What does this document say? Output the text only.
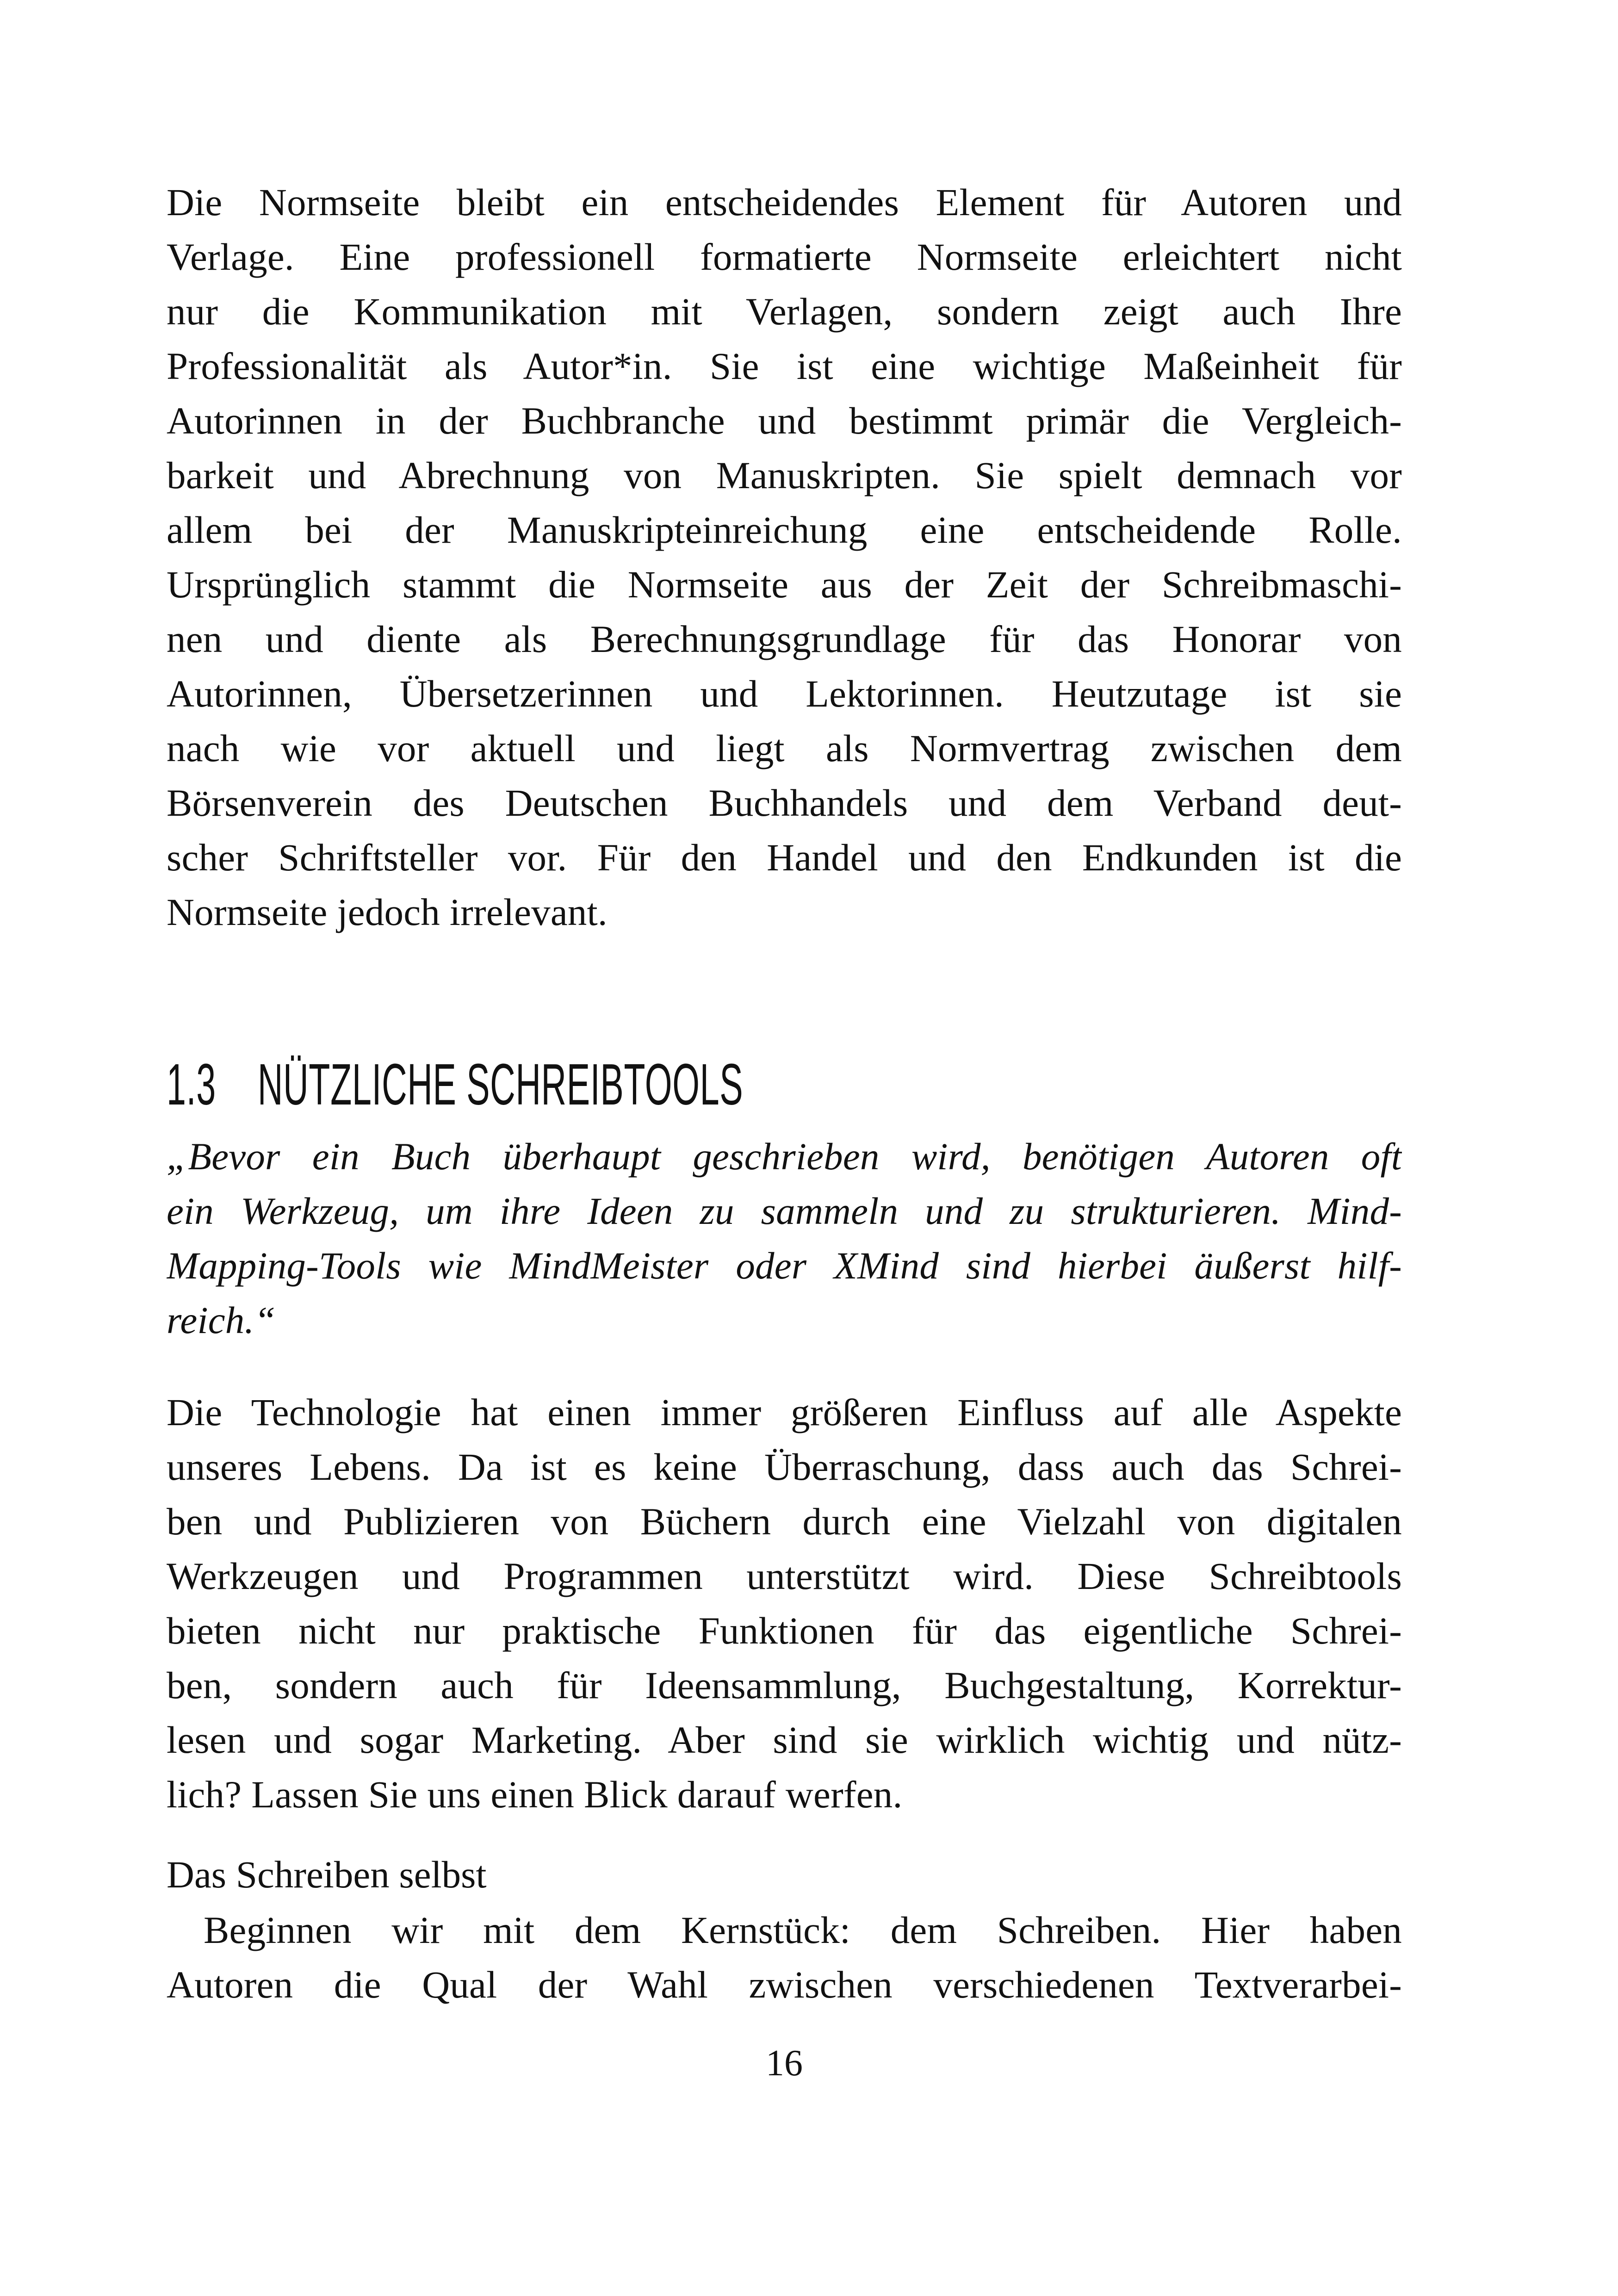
Die Normseite bleibt ein entscheidendes Element für Autoren und
Verlage. Eine professionell formatierte Normseite erleichtert nicht
nur die Kommunikation mit Verlagen, sondern zeigt auch Ihre
Professionalität als Autor*in. Sie ist eine wichtige Maßeinheit für
Autorinnen in der Buchbranche und bestimmt primär die Vergleich-
barkeit und Abrechnung von Manuskripten. Sie spielt demnach vor
allem bei der Manuskripteinreichung eine entscheidende Rolle.
Ursprünglich stammt die Normseite aus der Zeit der Schreibmaschi-
nen und diente als Berechnungsgrundlage für das Honorar von
Autorinnen, Übersetzerinnen und Lektorinnen. Heutzutage ist sie
nach wie vor aktuell und liegt als Normvertrag zwischen dem
Börsenverein des Deutschen Buchhandels und dem Verband deut-
scher Schriftsteller vor. Für den Handel und den Endkunden ist die
Normseite jedoch irrelevant.
1.3 NÜTZLICHE SCHREIBTOOLS
„Bevor ein Buch überhaupt geschrieben wird, benötigen Autoren oft
ein Werkzeug, um ihre Ideen zu sammeln und zu strukturieren. Mind-
Mapping-Tools wie MindMeister oder XMind sind hierbei äußerst hilf-
reich.“
Die Technologie hat einen immer größeren Einfluss auf alle Aspekte
unseres Lebens. Da ist es keine Überraschung, dass auch das Schrei-
ben und Publizieren von Büchern durch eine Vielzahl von digitalen
Werkzeugen und Programmen unterstützt wird. Diese Schreibtools
bieten nicht nur praktische Funktionen für das eigentliche Schrei-
ben, sondern auch für Ideensammlung, Buchgestaltung, Korrektur-
lesen und sogar Marketing. Aber sind sie wirklich wichtig und nütz-
lich? Lassen Sie uns einen Blick darauf werfen.
Das Schreiben selbst
Beginnen wir mit dem Kernstück: dem Schreiben. Hier haben
Autoren die Qual der Wahl zwischen verschiedenen Textverarbei-
16
